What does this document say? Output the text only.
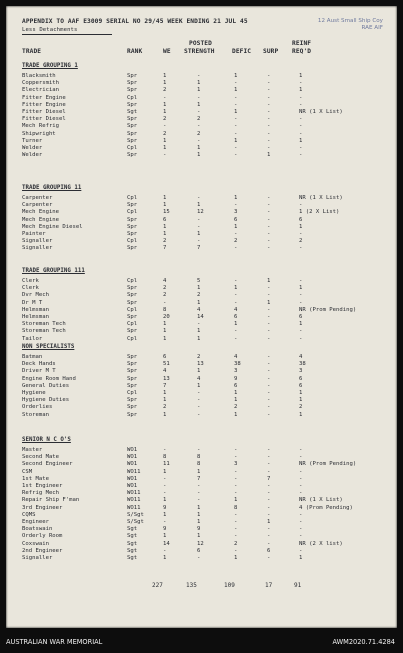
APPENDIX TO AAF E3009 SERIAL NO 29/45 WEEK ENDING 21 JUL 45
Less Detachments
12 Aust Small Ship Coy
RAE AIF
TRADE	RANK	WE
POSTED
STRENGTH	DEFIC SURP
REINF
REQ'D
TRADE GROUPING 1
Blacksmith	Spr	1	-	1	-	1
Coppersmith	Spr	1	1	-	-	-
Electrician	Spr	2	1	1	-	1
Fitter Engine	Cpl	-	-	-	-	-
Fitter Engine	Spr	1	1	-	-	-
Fitter Diesel	Sgt	1	-	1	-	NR (1 X List)
Fitter Diesel	Spr	2	2	-	-	-
Mech Refrig	Spr	-	-	-	-	-
Shipwright	Spr	2	2	-	-	-
Turner	Spr	1	-	1	-	1
Welder	Cpl	1	1	-	-	-
Welder	Spr	-	1	-	1	-
TRADE GROUPING 11
Carpenter	Cpl	1	-	1	-	NR (1 X List)
Carpenter	Spr	1	1	-	-	-
Mech Engine	Cpl	15	12	3	-	1 (2 X List)
Mech Engine	Spr	6	-	6	-	6
Mech Engine Diesel	Spr	1	-	1	-	1
Painter	Spr	1	1	-	-	-
Signaller	Cpl	2	-	2	-	2
Signaller	Spr	7	7	-	-	-
TRADE GROUPING 111
Clerk	Cpl	4	5	-	1	-
Clerk	Spr	2	1	1	-	1
Dvr Mech	Spr	2	2	-	-	-
Dr M T	Spr	-	1	-	1	-
Helmsman	Cpl	8	4	4	-	NR (Prom Pending)
Helmsman	Spr	20	14	6	-	6
Storeman Tech	Cpl	1	-	1	-	1
Storeman Tech	Spr	1	1	-	-	-
Tailor	Cpl	1	1	-	-	-
NON SPECIALISTS
Batman	Spr	6	2	4	-	4
Deck Hands	Spr	51	13	38	-	38
Driver M T	Spr	4	1	3	-	3
Engine Room Hand	Spr	13	4	9	-	6
General Duties	Spr	7	1	6	-	6
Hygiene	Cpl	1	-	1	-	1
Hygiene Duties	Spr	1	-	1	-	1
Orderlies	Spr	2	-	2	-	2
Storeman	Spr	1	-	1	-	1
SENIOR N C O'S
Master	WO1	-	-	-	-	-
Second Mate	WO1	8	8	-	-	-
Second Engineer	WO1	11	8	3	-	NR (Prom Pending)
CSM	WO11	1	1	-	-	-
1st Mate	WO1	-	7	-	7	-
1st Engineer	WO1	-	-	-	-	-
Refrig Mech	WO11	-	-	-	-	-
Repair Ship F'man	WO11	1	-	1	-	NR (1 X List)
3rd Engineer	WO11	9	1	8	-	4 (Prom Pending)
CQMS	S/Sgt	1	1	-	-	-
Engineer	S/Sgt	-	1	-	1	-
Boatswain	Sgt	9	9	-	-	-
Orderly Room	Sgt	1	1	-	-	-
Coxswain	Sgt	14	12	2	-	NR (2 X list)
2nd Engineer	Sgt	-	6	-	6	-
Signaller	Sgt	1	-	1	-	1
227	135	109	17	91
AUSTRALIAN WAR MEMORIAL	AWM2020.71.4284
